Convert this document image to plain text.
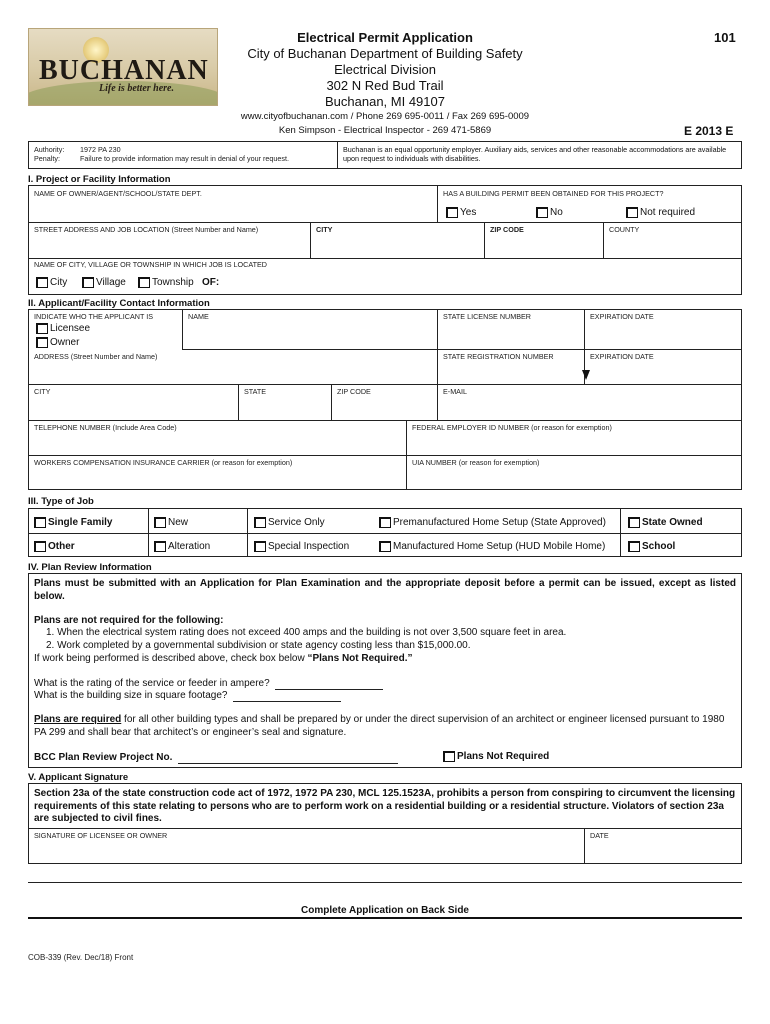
BUCHANAN
Life is better here.
Electrical Permit Application	101
City of Buchanan Department of Building Safety
Electrical Division
302 N Red Bud Trail
Buchanan, MI 49107
www.cityofbuchanan.com / Phone 269 695-0011 / Fax 269 695-0009
Ken Simpson - Electrical Inspector - 269 471-5869	E 2013 E
Authority: 1972 PA 230
Penalty:	Failure to provide information may result in denial of your request.
Buchanan is an equal opportunity employer. Auxiliary aids, services and other reasonable accommodations are available upon request to individuals with disabilities.
I. Project or Facility Information
NAME OF OWNER/AGENT/SCHOOL/STATE DEPT.	HAS A BUILDING PERMIT BEEN OBTAINED FOR THIS PROJECT?
Yes	No	Not required
STREET ADDRESS AND JOB LOCATION (Street Number and Name)	CITY	ZIP CODE	COUNTY
NAME OF CITY, VILLAGE OR TOWNSHIP IN WHICH JOB IS LOCATED
City	Village	Township OF:
II. Applicant/Facility Contact Information
INDICATE WHO THE APPLICANT IS	NAME	STATE LICENSE NUMBER	EXPIRATION DATE
Licensee
Owner
ADDRESS (Street Number and Name)	STATE REGISTRATION NUMBER	EXPIRATION DATE
CITY	STATE	ZIP CODE	E-MAIL
TELEPHONE NUMBER (Include Area Code)	FEDERAL EMPLOYER ID NUMBER (or reason for exemption)
WORKERS COMPENSATION INSURANCE CARRIER (or reason for exemption)	UIA NUMBER (or reason for exemption)
III. Type of Job
Single Family	New	Service Only	Premanufactured Home Setup (State Approved)	State Owned
Other	Alteration	Special Inspection	Manufactured Home Setup (HUD Mobile Home)	School
IV. Plan Review Information
Plans must be submitted with an Application for Plan Examination and the appropriate deposit before a permit can be issued, except as listed below.
Plans are not required for the following:
1. When the electrical system rating does not exceed 400 amps and the building is not over 3,500 square feet in area.
2. Work completed by a governmental subdivision or state agency costing less than $15,000.00.
If work being performed is described above, check box below “Plans Not Required.”
What is the rating of the service or feeder in ampere?
What is the building size in square footage?
Plans are required for all other building types and shall be prepared by or under the direct supervision of an architect or engineer licensed pursuant to 1980 PA 299 and shall bear that architect’s or engineer’s seal and signature.
BCC Plan Review Project No.	Plans Not Required
V. Applicant Signature
Section 23a of the state construction code act of 1972, 1972 PA 230, MCL 125.1523A, prohibits a person from conspiring to circumvent the licensing requirements of this state relating to persons who are to perform work on a residential building or a residential structure. Violators of section 23a are subjected to civil fines.
SIGNATURE OF LICENSEE OR OWNER	DATE
Complete Application on Back Side
COB-339 (Rev. Dec/18) Front
